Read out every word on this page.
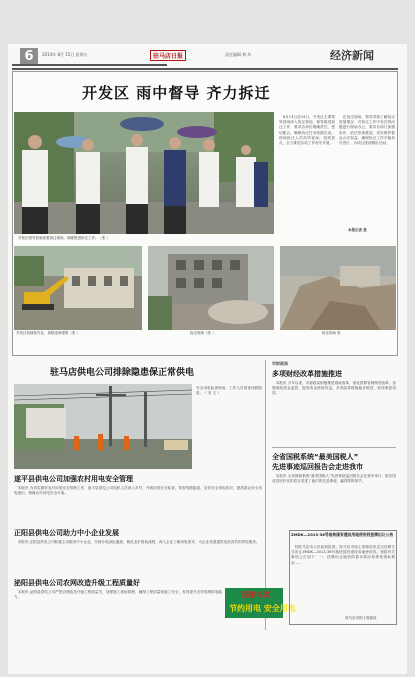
6	2014年 8月 15日 星期五	驻马店日报	责任编辑 林 年	经济新闻
开发区 雨中督导 齐力拆迁
开发区领导冒雨查看拆迁现场，调度推进拆迁工作。（张 ）
　8月13日至14日，开发区主要领导冒雨深入拆迁现场，督导推进拆迁工作，要求各单位明确责任，密切配合，确保拆迁任务按期完成。现场拆迁人员顶风冒雨，加班加点，全力推进各项工作有序开展。
　在拆迁现场，领导详细了解拆迁进展情况，对拆迁工作中存在的问题进行现场办公，要求各部门加强协作，依法依规推进，切实维护群众合法权益，确保拆迁工作平稳有序进行，为项目建设腾出空间。
本报记者 张
开发区机械化作业，拆除违章建筑（张 ）	拆迁现场（张 ）	拆迁现场 张
驻马店供电公司排除隐患保正常供电
安全用电检查现场，工作人员排查线路隐患。（ 宋 王 ）
遂平县供电公司加强农村用电安全管理
　本报讯 为切实做好农村用电安全管理工作，遂平县供电公司组织人员深入乡村，开展用电安全检查，排查线路隐患，宣传安全用电知识，提高群众安全用电意识，保障农村用电安全可靠。
正阳县供电公司助力中小企业发展
　本报讯 正阳县供电公司积极主动服务中小企业，开辟办电绿色通道，简化业扩报装流程，深入企业了解用电需求，为企业发展提供优质高效的供电服务。
泌阳县供电公司农网改造升级工程质量好
　本报讯 泌阳县供电公司严把农网改造升级工程质量关，加强施工现场管理，确保工程质量和施工安全，有效提升农村电网供电能力。	国家电网
节约用电 安全用电
市财政局
多项财经改革措施推进
　本报讯 今年以来，市财政局积极推进财政改革，深化预算管理制度改革，加强财政资金监管，提高资金使用效益，多项改革措施稳步推进，取得明显成效。
全省国税系统“最美国税人”
先进事迹巡回报告会走进我市
　本报讯 全省国税系统“最美国税人”先进事迹巡回报告会在我市举行，报告团成员用朴实的语言讲述了他们的先进事迹，赢得阵阵掌声。
ZMDK—2013-36号地块国有建设用地使用权挂牌出让公告
　经驻马店市人民政府批准，驻马店市国土资源局决定以挂牌方式出让ZMDK—2013-36号地块国有建设用地使用权。现将有关事项公告如下：一、挂牌出让地块的基本情况和规划指标要求……
驻马店市国土资源局
